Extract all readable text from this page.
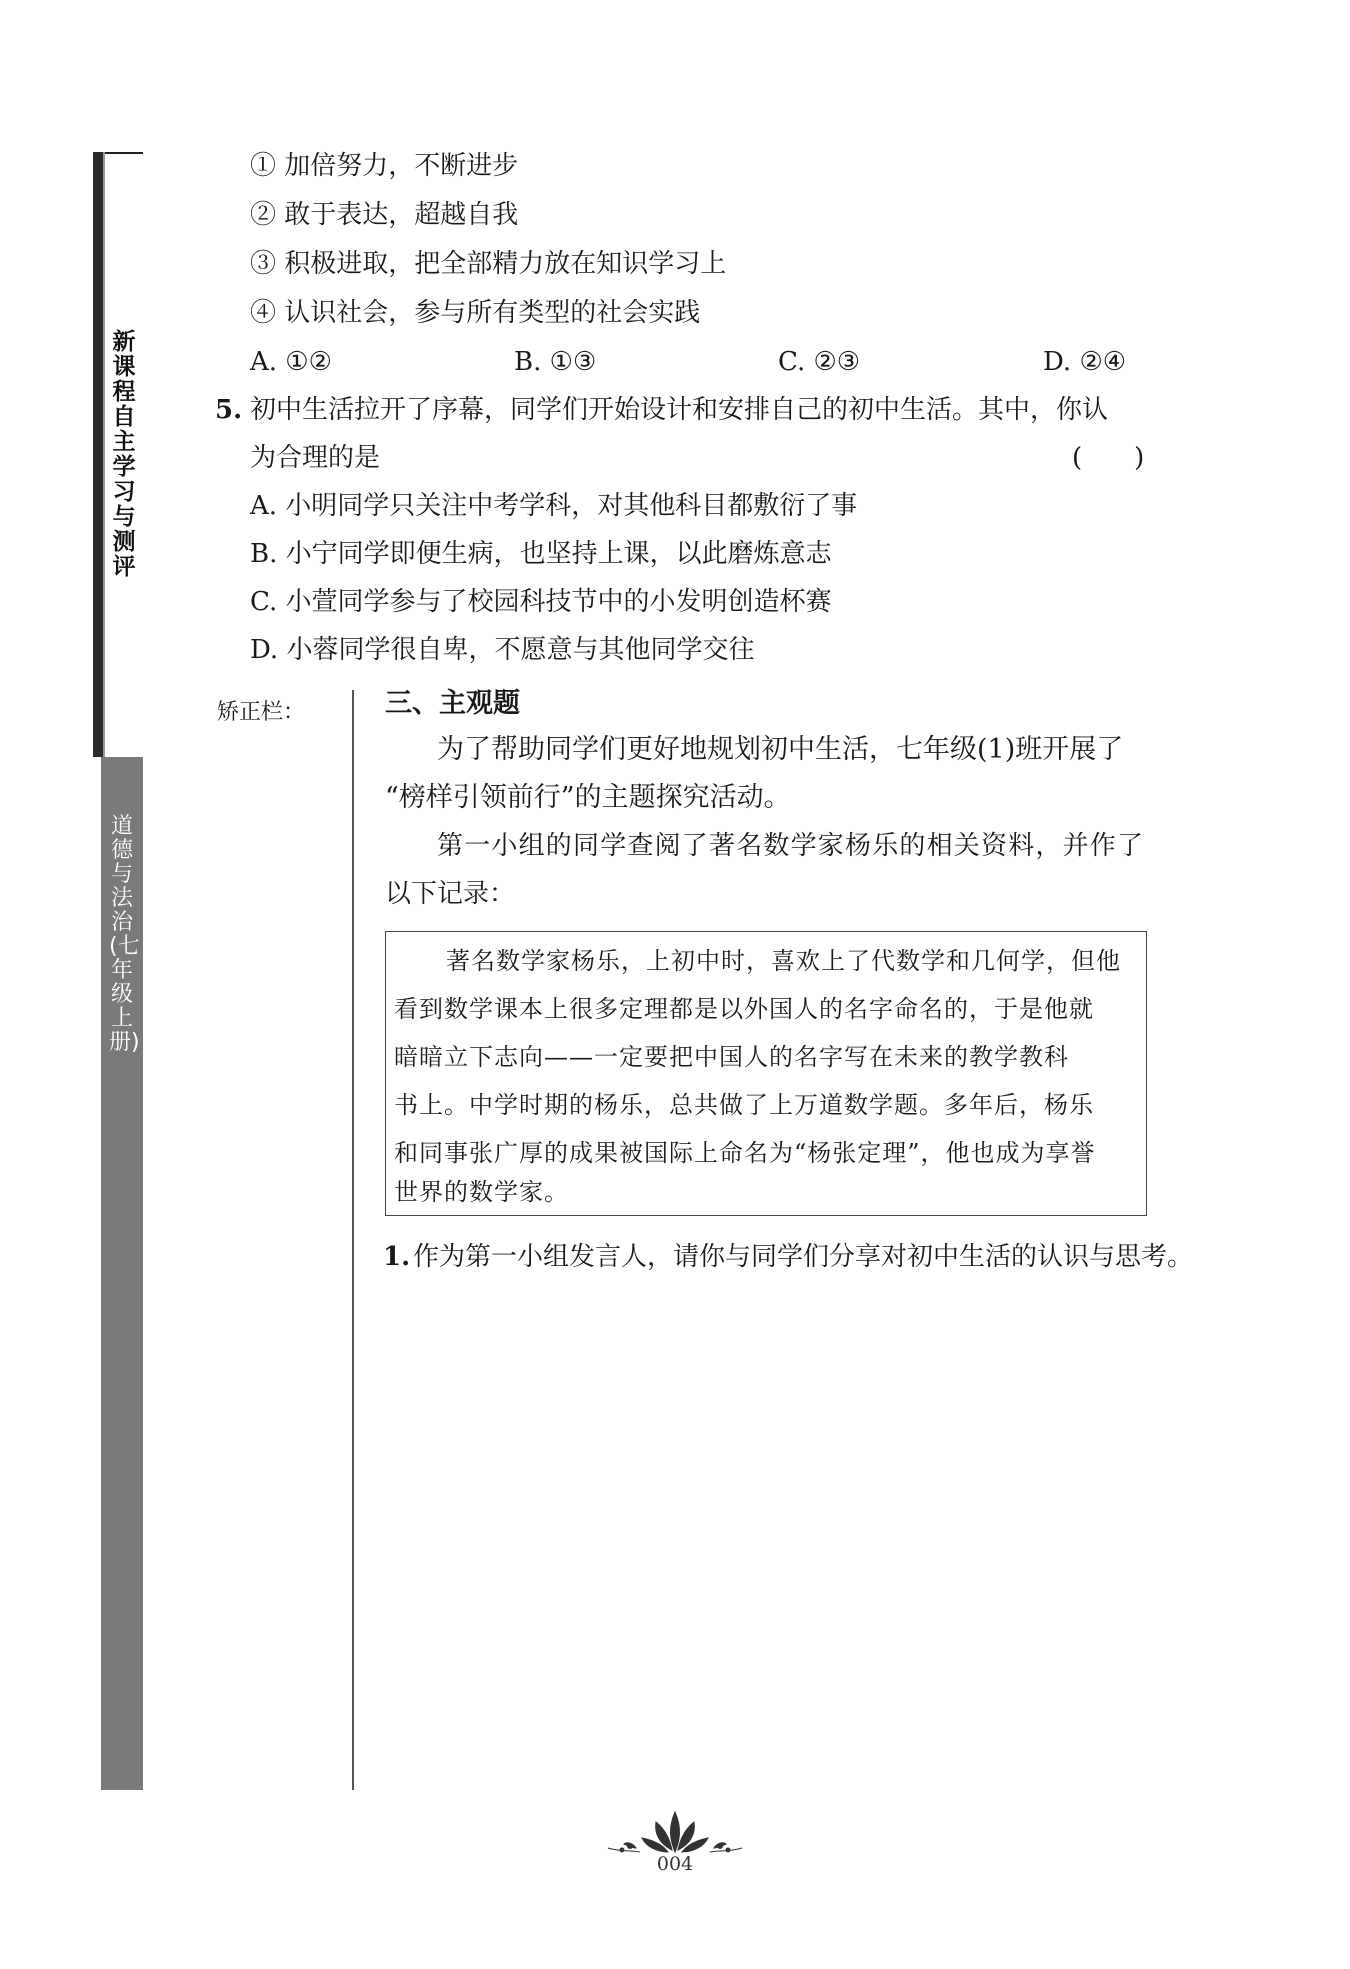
新课程自主学习与测评
道德与法治(七年级上册)
① 加倍努力，不断进步
② 敢于表达，超越自我
③ 积极进取，把全部精力放在知识学习上
④ 认识社会，参与所有类型的社会实践
A. ①②	B. ①③	C. ②③	D. ②④
5. 初中生活拉开了序幕，同学们开始设计和安排自己的初中生活。其中，你认
为合理的是	(　　)
A. 小明同学只关注中考学科，对其他科目都敷衍了事
B. 小宁同学即便生病，也坚持上课，以此磨炼意志
C. 小萱同学参与了校园科技节中的小发明创造杯赛
D. 小蓉同学很自卑，不愿意与其他同学交往
矫正栏：	三、主观题
为了帮助同学们更好地规划初中生活，七年级(1)班开展了
“榜样引领前行”的主题探究活动。
第一小组的同学查阅了著名数学家杨乐的相关资料，并作了
以下记录：
著名数学家杨乐，上初中时，喜欢上了代数学和几何学，但他
看到数学课本上很多定理都是以外国人的名字命名的，于是他就
暗暗立下志向——一定要把中国人的名字写在未来的教学教科
书上。中学时期的杨乐，总共做了上万道数学题。多年后，杨乐
和同事张广厚的成果被国际上命名为“杨张定理”，他也成为享誉
世界的数学家。
1. 作为第一小组发言人，请你与同学们分享对初中生活的认识与思考。
004
